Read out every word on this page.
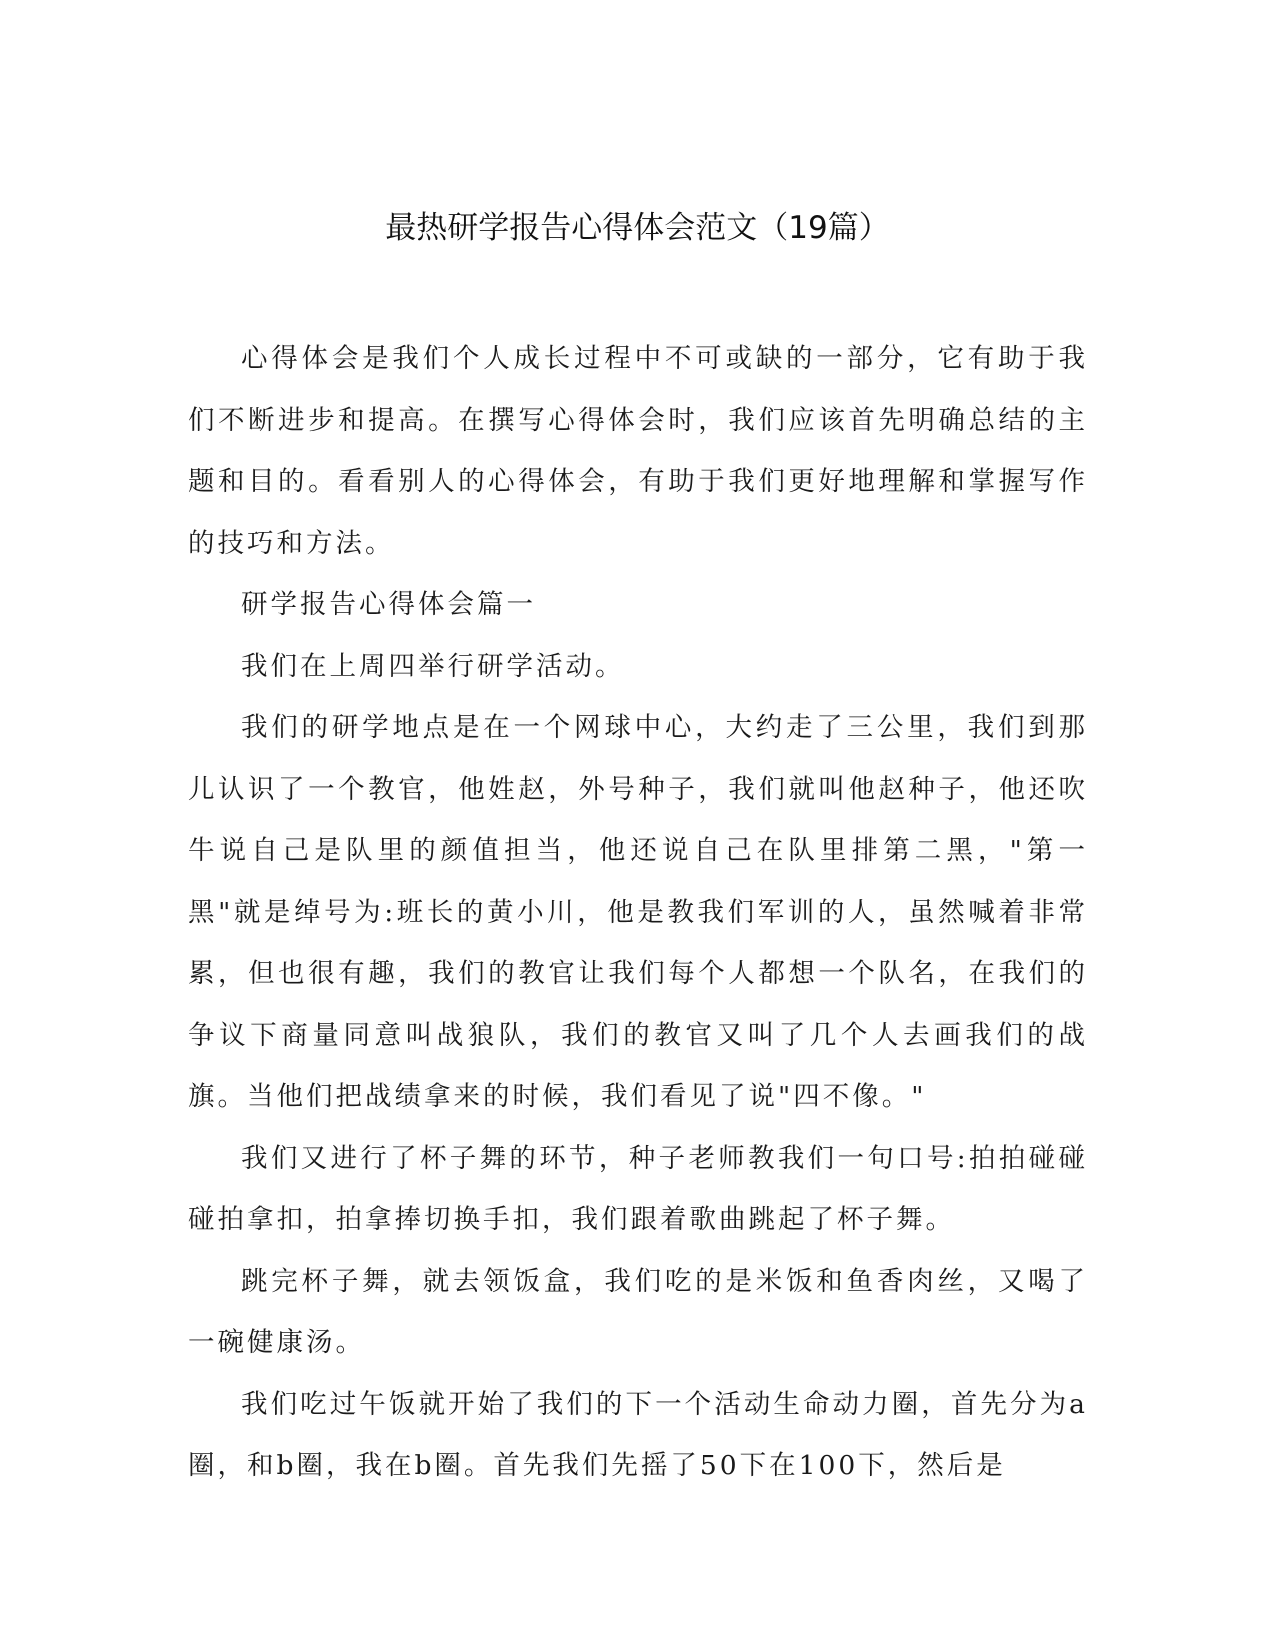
最热研学报告心得体会范文（19篇）

心得体会是我们个人成长过程中不可或缺的一部分，它有助于我们不断进步和提高。在撰写心得体会时，我们应该首先明确总结的主题和目的。看看别人的心得体会，有助于我们更好地理解和掌握写作的技巧和方法。

研学报告心得体会篇一

我们在上周四举行研学活动。

我们的研学地点是在一个网球中心，大约走了三公里，我们到那儿认识了一个教官，他姓赵，外号种子，我们就叫他赵种子，他还吹牛说自己是队里的颜值担当，他还说自己在队里排第二黑，"第一黑"就是绰号为:班长的黄小川，他是教我们军训的人，虽然喊着非常累，但也很有趣，我们的教官让我们每个人都想一个队名，在我们的争议下商量同意叫战狼队，我们的教官又叫了几个人去画我们的战旗。当他们把战绩拿来的时候，我们看见了说"四不像。"

我们又进行了杯子舞的环节，种子老师教我们一句口号:拍拍碰碰碰拍拿扣，拍拿捧切换手扣，我们跟着歌曲跳起了杯子舞。

跳完杯子舞，就去领饭盒，我们吃的是米饭和鱼香肉丝，又喝了一碗健康汤。

我们吃过午饭就开始了我们的下一个活动生命动力圈，首先分为a圈，和b圈，我在b圈。首先我们先摇了50下在100下，然后是
